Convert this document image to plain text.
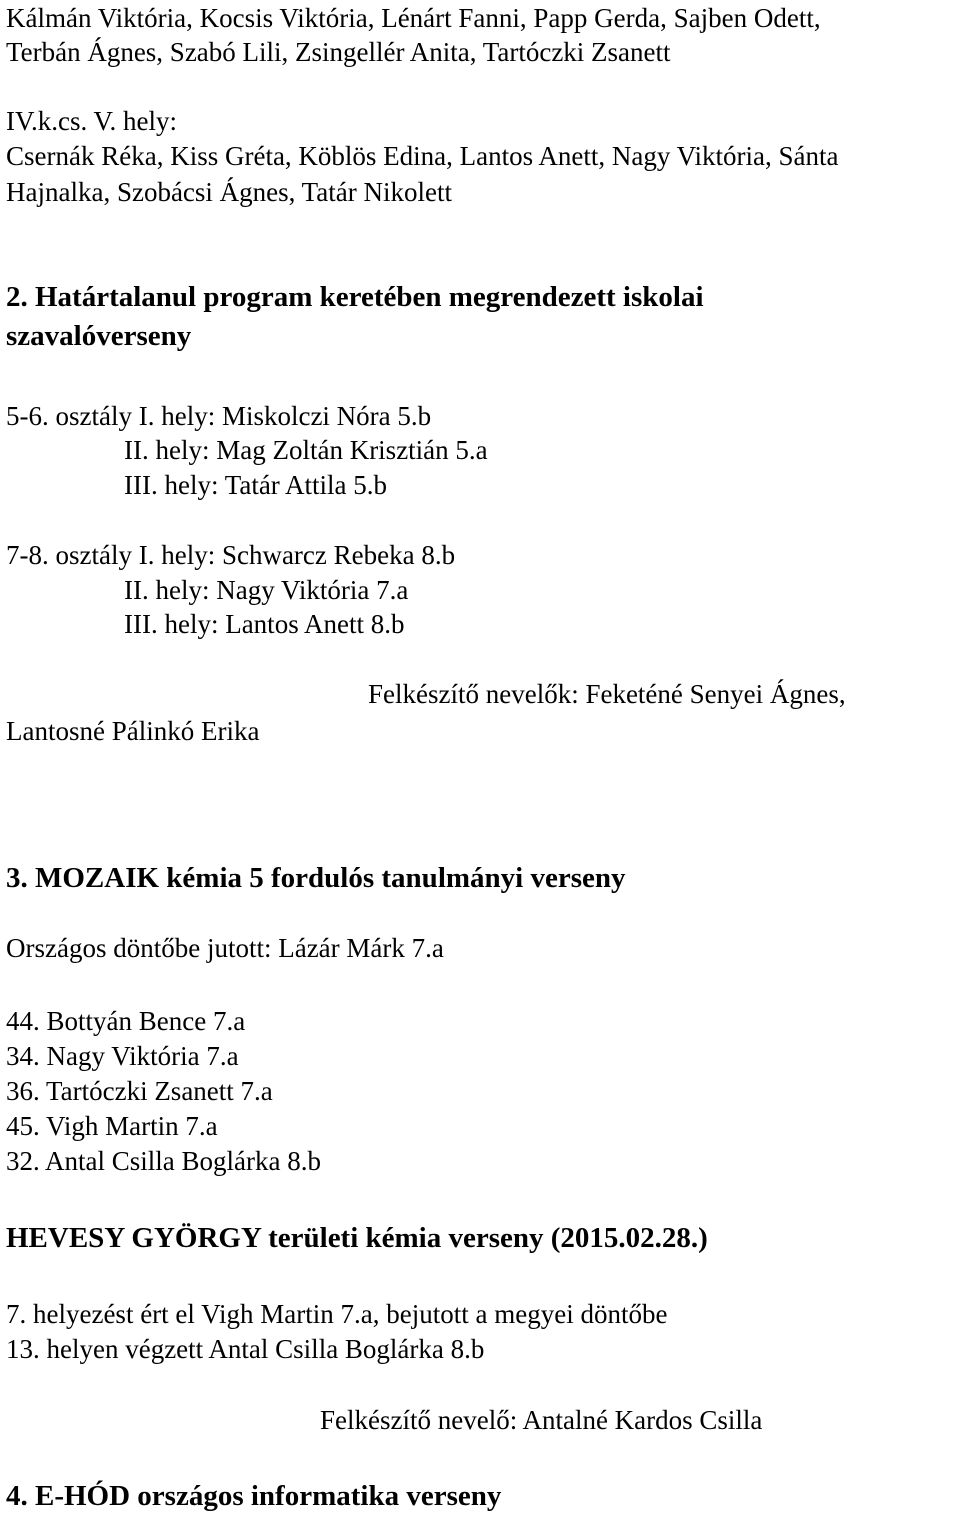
Kálmán Viktória, Kocsis Viktória, Lénárt Fanni, Papp Gerda, Sajben Odett,
Terbán Ágnes, Szabó Lili, Zsingellér Anita, Tartóczki Zsanett
IV.k.cs. V. hely:
Csernák Réka, Kiss Gréta, Köblös Edina, Lantos Anett, Nagy Viktória, Sánta
Hajnalka, Szobácsi Ágnes, Tatár Nikolett
2. Határtalanul program keretében megrendezett iskolai
szavalóverseny
5-6. osztály I. hely: Miskolczi Nóra 5.b
II. hely: Mag Zoltán Krisztián 5.a
III. hely: Tatár Attila 5.b
7-8. osztály I. hely: Schwarcz Rebeka 8.b
II. hely: Nagy Viktória 7.a
III. hely: Lantos Anett 8.b
Felkészítő nevelők: Feketéné Senyei Ágnes,
Lantosné Pálinkó Erika
3. MOZAIK kémia 5 fordulós tanulmányi verseny
Országos döntőbe jutott: Lázár Márk 7.a
44. Bottyán Bence 7.a
34. Nagy Viktória 7.a
36. Tartóczki Zsanett 7.a
45. Vigh Martin 7.a
32. Antal Csilla Boglárka 8.b
HEVESY GYÖRGY területi kémia verseny (2015.02.28.)
7. helyezést ért el Vigh Martin 7.a, bejutott a megyei döntőbe
13. helyen végzett Antal Csilla Boglárka 8.b
Felkészítő nevelő: Antalné Kardos Csilla
4. E-HÓD országos informatika verseny
